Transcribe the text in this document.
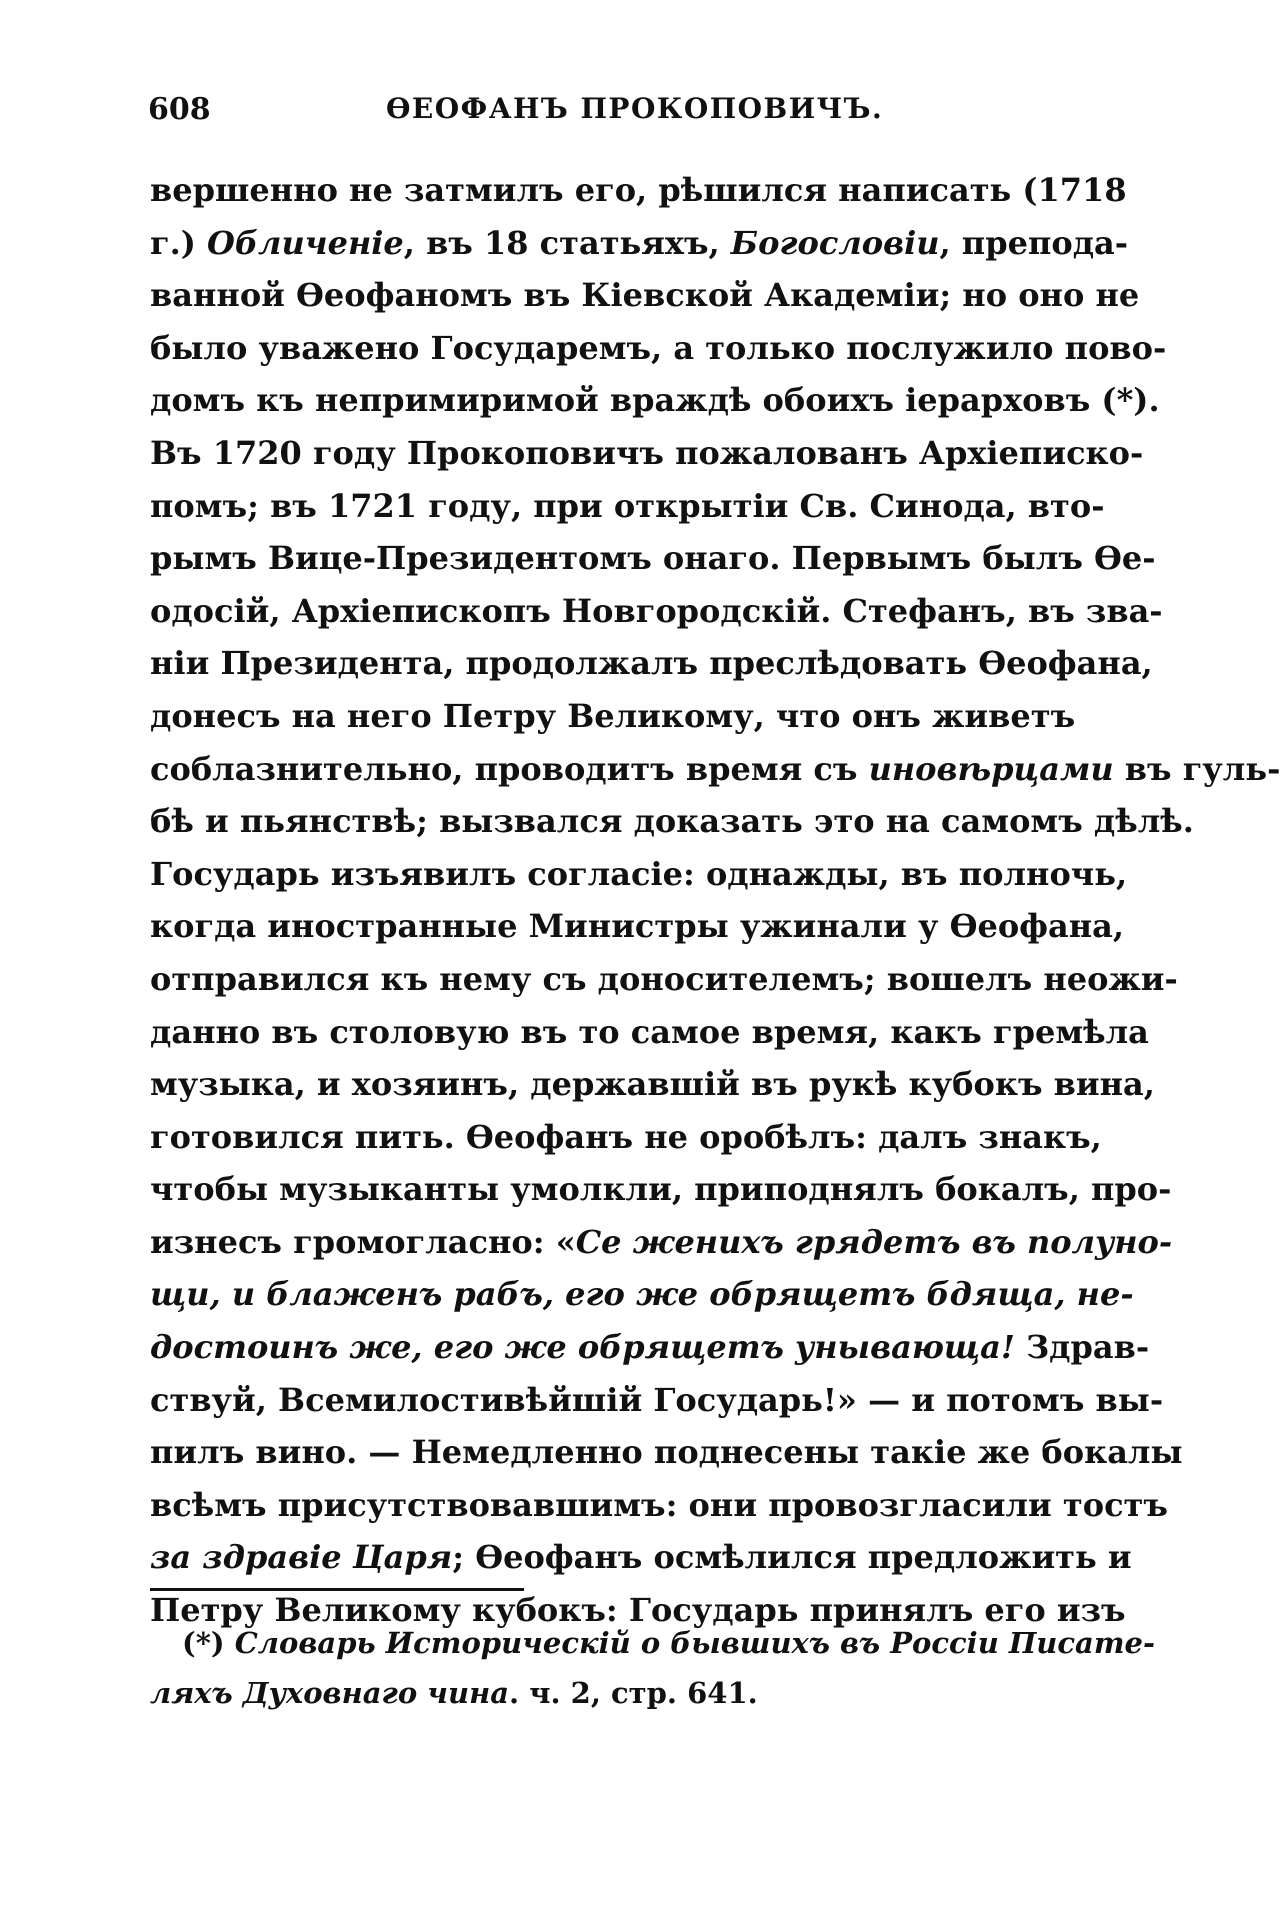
608	ѲЕОФАНЪ ПРОКОПОВИЧЪ.
вершенно не затмилъ его, рѣшился написать (1718
г.) Обличеніе, въ 18 статьяхъ, Богословіи, препода-
ванной Ѳеофаномъ въ Кіевской Академіи; но оно не
было уважено Государемъ, а только послужило пово-
домъ къ непримиримой враждѣ обоихъ іерарховъ (*).
Въ 1720 году Прокоповичъ пожалованъ Архіеписко-
помъ; въ 1721 году, при открытіи Св. Синода, вто-
рымъ Вице-Президентомъ онаго. Первымъ былъ Ѳе-
одосій, Архіепископъ Новгородскій. Стефанъ, въ зва-
ніи Президента, продолжалъ преслѣдовать Ѳеофана,
донесъ на него Петру Великому, что онъ живетъ
соблазнительно, проводитъ время съ иновѣрцами въ гуль-
бѣ и пьянствѣ; вызвался доказать это на самомъ дѣлѣ.
Государь изъявилъ согласіе: однажды, въ полночь,
когда иностранные Министры ужинали у Ѳеофана,
отправился къ нему съ доносителемъ; вошелъ неожи-
данно въ столовую въ то самое время, какъ гремѣла
музыка, и хозяинъ, державшій въ рукѣ кубокъ вина,
готовился пить. Ѳеофанъ не оробѣлъ: далъ знакъ,
чтобы музыканты умолкли, приподнялъ бокалъ, про-
изнесъ громогласно: «Се женихъ грядетъ въ полуно-
щи, и блаженъ рабъ, его же обрящетъ бдяща, не-
достоинъ же, его же обрящетъ унывающа! Здрав-
ствуй, Всемилостивѣйшій Государь!» — и потомъ вы-
пилъ вино. — Немедленно поднесены такіе же бокалы
всѣмъ присутствовавшимъ: они провозгласили тостъ
за здравіе Царя; Ѳеофанъ осмѣлился предложить и
Петру Великому кубокъ: Государь принялъ его изъ
(*) Словарь Историческій о бывшихъ въ Россіи Писате-
ляхъ Духовнаго чина. ч. 2, стр. 641.
